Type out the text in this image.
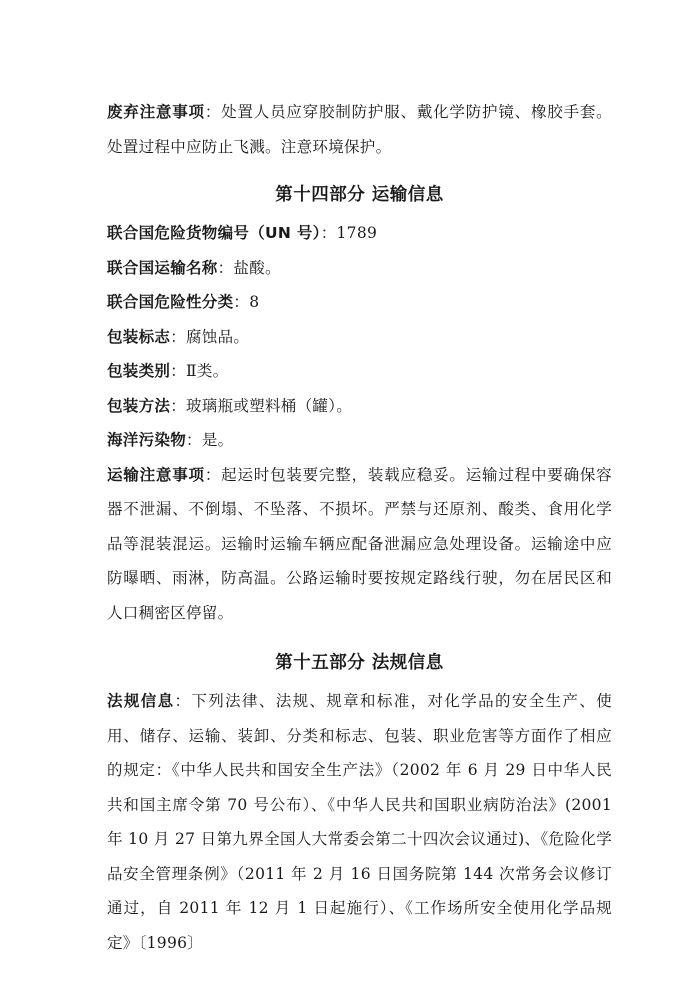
废弃注意事项：处置人员应穿胶制防护服、戴化学防护镜、橡胶手套。处置过程中应防止飞溅。注意环境保护。

第十四部分 运输信息

联合国危险货物编号（UN 号）：1789

联合国运输名称：盐酸。

联合国危险性分类：8

包装标志：腐蚀品。

包装类别：Ⅱ类。

包装方法：玻璃瓶或塑料桶（罐）。

海洋污染物：是。

运输注意事项：起运时包装要完整，装载应稳妥。运输过程中要确保容器不泄漏、不倒塌、不坠落、不损坏。严禁与还原剂、酸类、食用化学品等混装混运。运输时运输车辆应配备泄漏应急处理设备。运输途中应防曝晒、雨淋，防高温。公路运输时要按规定路线行驶，勿在居民区和人口稠密区停留。

第十五部分 法规信息

法规信息：下列法律、法规、规章和标准，对化学品的安全生产、使用、储存、运输、装卸、分类和标志、包装、职业危害等方面作了相应的规定：《中华人民共和国安全生产法》（2002 年 6 月 29 日中华人民共和国主席令第 70 号公布）、《中华人民共和国职业病防治法》(2001 年 10 月 27 日第九界全国人大常委会第二十四次会议通过)、《危险化学品安全管理条例》（2011 年 2 月 16 日国务院第 144 次常务会议修订通过，自 2011 年 12 月 1 日起施行）、《工作场所安全使用化学品规定》〔1996〕
